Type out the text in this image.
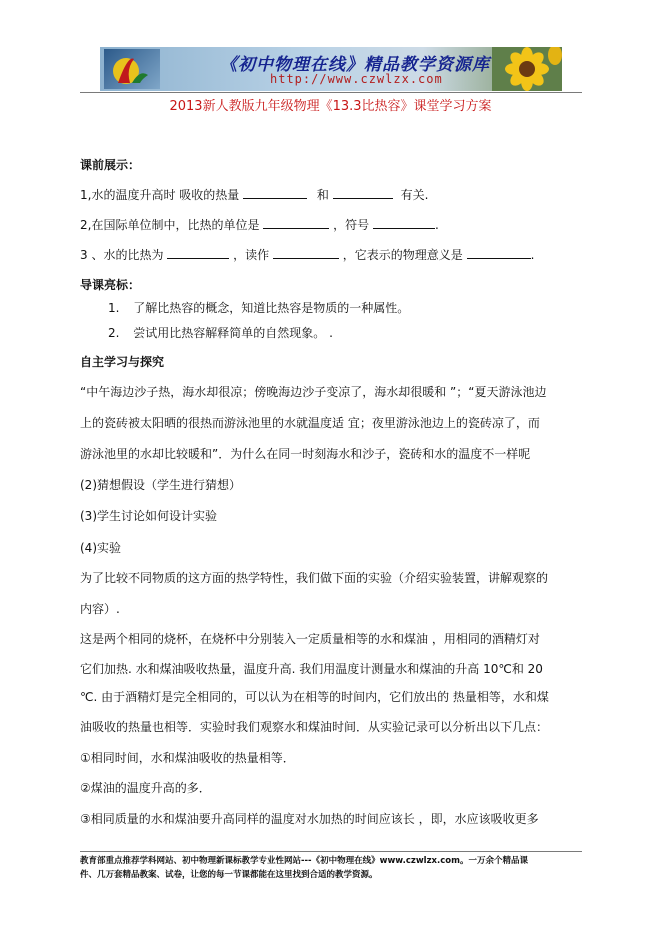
《初中物理在线》精品教学资源库
http://www.czwlzx.com
2013新人教版九年级物理《13.3比热容》课堂学习方案
课前展示：
1,水的温度升高时 吸收的热量	和	有关.
2,在国际单位制中，比热的单位是	，符号	.
3 、水的比热为	，读作	，它表示的物理意义是	.
导课亮标：
1. 了解比热容的概念，知道比热容是物质的一种属性。
2. 尝试用比热容解释简单的自然现象。 .
自主学习与探究
“中午海边沙子热，海水却很凉；傍晚海边沙子变凉了，海水却很暖和 ”；“夏天游泳池边
上的瓷砖被太阳晒的很热而游泳池里的水就温度适 宜；夜里游泳池边上的瓷砖凉了，而
游泳池里的水却比较暖和”．为什么在同一时刻海水和沙子，瓷砖和水的温度不一样呢
(2)猜想假设（学生进行猜想）
(3)学生讨论如何设计实验
(4)实验
为了比较不同物质的这方面的热学特性，我们做下面的实验（介绍实验装置，讲解观察的
内容）.
这是两个相同的烧杯，在烧杯中分别装入一定质量相等的水和煤油 ，用相同的酒精灯对
它们加热. 水和煤油吸收热量，温度升高. 我们用温度计测量水和煤油的升高 10℃和 20
℃. 由于酒精灯是完全相同的，可以认为在相等的时间内，它们放出的 热量相等，水和煤
油吸收的热量也相等．实验时我们观察水和煤油时间．从实验记录可以分析出以下几点：
①相同时间，水和煤油吸收的热量相等．
②煤油的温度升高的多．
③相同质量的水和煤油要升高同样的温度对水加热的时间应该长 ，即，水应该吸收更多
教育部重点推荐学科网站、初中物理新课标教学专业性网站---《初中物理在线》www.czwlzx.com。一万余个精品课
件、几万套精品教案、试卷，让您的每一节课都能在这里找到合适的教学资源。
